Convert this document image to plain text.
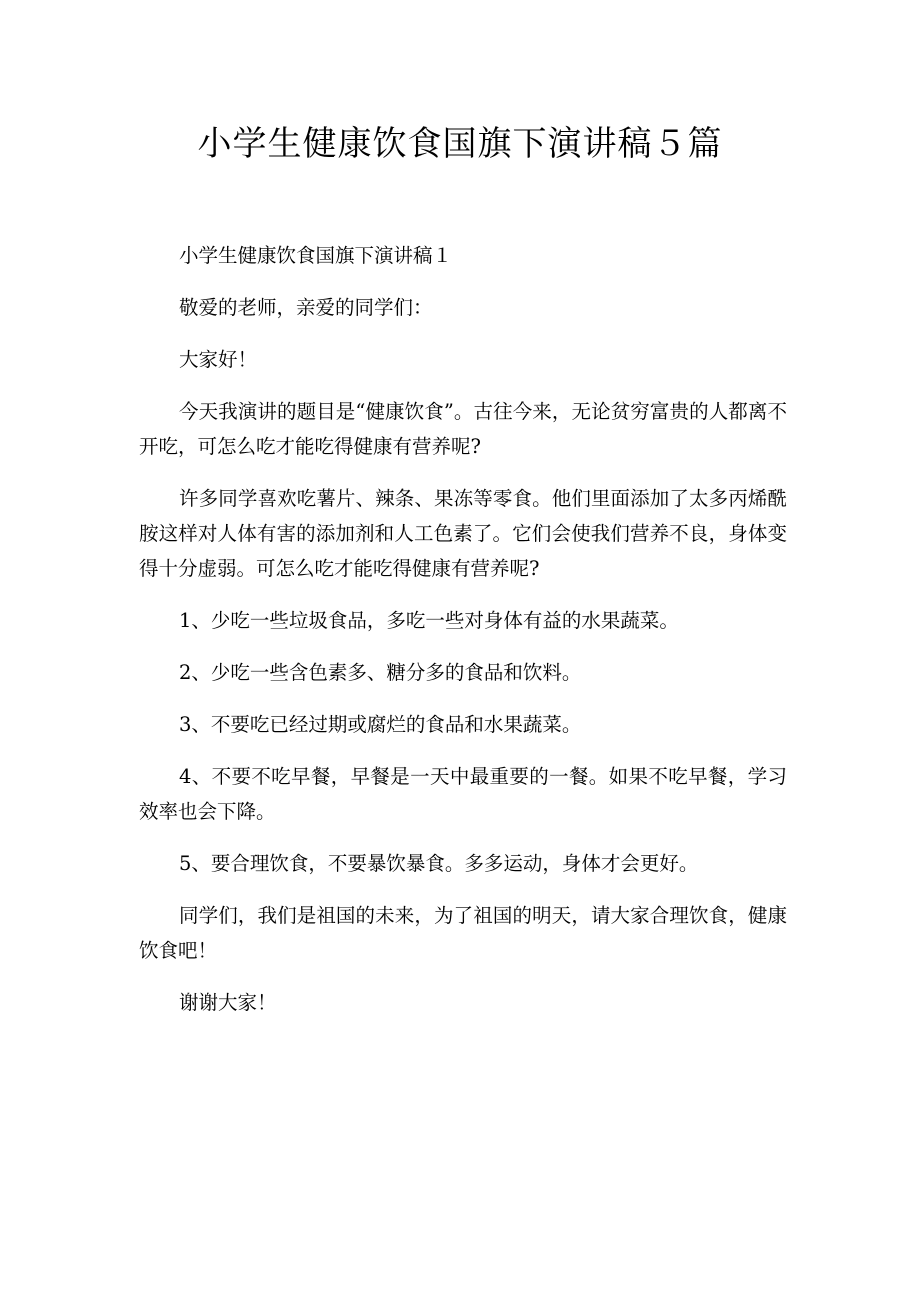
小学生健康饮食国旗下演讲稿５篇

小学生健康饮食国旗下演讲稿１

敬爱的老师，亲爱的同学们：

大家好！

今天我演讲的题目是“健康饮食”。古往今来，无论贫穷富贵的人都离不开吃，可怎么吃才能吃得健康有营养呢?

许多同学喜欢吃薯片、辣条、果冻等零食。他们里面添加了太多丙烯酰胺这样对人体有害的添加剂和人工色素了。它们会使我们营养不良，身体变得十分虚弱。可怎么吃才能吃得健康有营养呢?

1、少吃一些垃圾食品，多吃一些对身体有益的水果蔬菜。

2、少吃一些含色素多、糖分多的食品和饮料。

3、不要吃已经过期或腐烂的食品和水果蔬菜。

4、不要不吃早餐，早餐是一天中最重要的一餐。如果不吃早餐，学习效率也会下降。

5、要合理饮食，不要暴饮暴食。多多运动，身体才会更好。

同学们，我们是祖国的未来，为了祖国的明天，请大家合理饮食，健康饮食吧！

谢谢大家！
